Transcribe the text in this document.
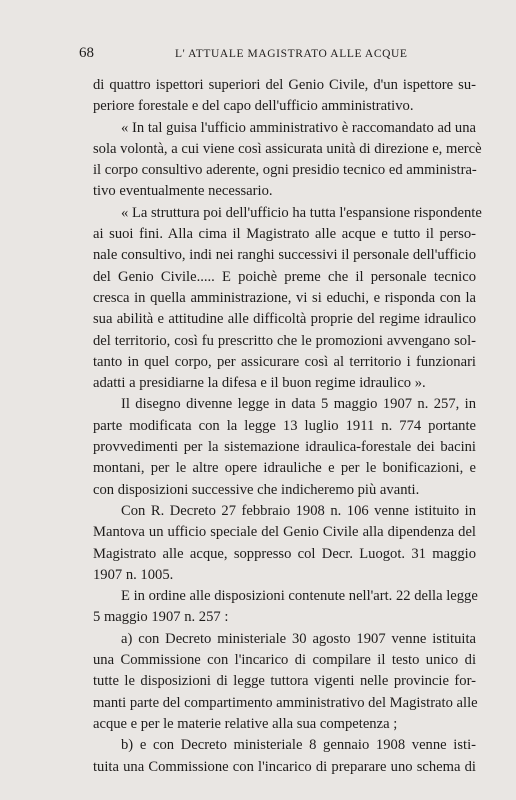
68	L' ATTUALE MAGISTRATO ALLE ACQUE
di quattro ispettori superiori del Genio Civile, d'un ispettore su-
periore forestale e del capo dell'ufficio amministrativo.
« In tal guisa l'ufficio amministrativo è raccomandato ad una
sola volontà, a cui viene così assicurata unità di direzione e, mercè
il corpo consultivo aderente, ogni presidio tecnico ed amministra-
tivo eventualmente necessario.
« La struttura poi dell'ufficio ha tutta l'espansione rispondente
ai suoi fini. Alla cima il Magistrato alle acque e tutto il perso-
nale consultivo, indi nei ranghi successivi il personale dell'ufficio
del Genio Civile..... E poichè preme che il personale tecnico
cresca in quella amministrazione, vi si educhi, e risponda con la
sua abilità e attitudine alle difficoltà proprie del regime idraulico
del territorio, così fu prescritto che le promozioni avvengano sol-
tanto in quel corpo, per assicurare così al territorio i funzionari
adatti a presidiarne la difesa e il buon regime idraulico ».
Il disegno divenne legge in data 5 maggio 1907 n. 257, in
parte modificata con la legge 13 luglio 1911 n. 774 portante
provvedimenti per la sistemazione idraulica-forestale dei bacini
montani, per le altre opere idrauliche e per le bonificazioni, e
con disposizioni successive che indicheremo più avanti.
Con R. Decreto 27 febbraio 1908 n. 106 venne istituito in
Mantova un ufficio speciale del Genio Civile alla dipendenza del
Magistrato alle acque, soppresso col Decr. Luogot. 31 maggio
1907 n. 1005.
E in ordine alle disposizioni contenute nell'art. 22 della legge
5 maggio 1907 n. 257 :
a) con Decreto ministeriale 30 agosto 1907 venne istituita
una Commissione con l'incarico di compilare il testo unico di
tutte le disposizioni di legge tuttora vigenti nelle provincie for-
manti parte del compartimento amministrativo del Magistrato alle
acque e per le materie relative alla sua competenza ;
b) e con Decreto ministeriale 8 gennaio 1908 venne isti-
tuita una Commissione con l'incarico di preparare uno schema di
